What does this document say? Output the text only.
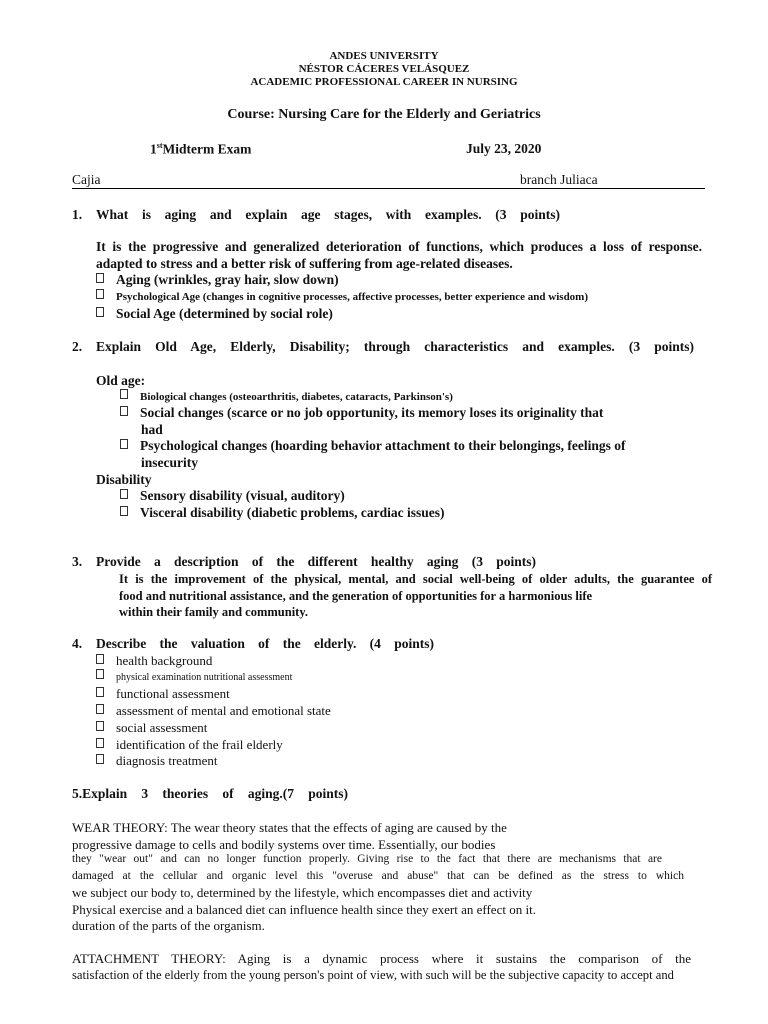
ANDES UNIVERSITY
NÉSTOR CÁCERES VELÁSQUEZ
ACADEMIC PROFESSIONAL CAREER IN NURSING
Course: Nursing Care for the Elderly and Geriatrics
1stMidterm Exam	July 23, 2020
Cajia	branch Juliaca
1. What is aging and explain age stages, with examples. (3 points)
It is the progressive and generalized deterioration of functions, which produces a loss of response.
adapted to stress and a better risk of suffering from age-related diseases.
Aging (wrinkles, gray hair, slow down)
Psychological Age (changes in cognitive processes, affective processes, better experience and wisdom)
Social Age (determined by social role)
2. Explain Old Age, Elderly, Disability; through characteristics and examples. (3 points)
Old age:
Biological changes (osteoarthritis, diabetes, cataracts, Parkinson's)
Social changes (scarce or no job opportunity, its memory loses its originality that
had
Psychological changes (hoarding behavior attachment to their belongings, feelings of
insecurity
Disability
Sensory disability (visual, auditory)
Visceral disability (diabetic problems, cardiac issues)
3. Provide a description of the different healthy aging (3 points)
It is the improvement of the physical, mental, and social well-being of older adults, the guarantee of
food and nutritional assistance, and the generation of opportunities for a harmonious life
within their family and community.
4. Describe the valuation of the elderly. (4 points)
health background
physical examination nutritional assessment
functional assessment
assessment of mental and emotional state
social assessment
identification of the frail elderly
diagnosis treatment
5.Explain 3 theories of aging.(7 points)
WEAR THEORY: The wear theory states that the effects of aging are caused by the
progressive damage to cells and bodily systems over time. Essentially, our bodies
they "wear out" and can no longer function properly. Giving rise to the fact that there are mechanisms that are
damaged at the cellular and organic level this "overuse and abuse" that can be defined as the stress to which
we subject our body to, determined by the lifestyle, which encompasses diet and activity
Physical exercise and a balanced diet can influence health since they exert an effect on it.
duration of the parts of the organism.
ATTACHMENT THEORY: Aging is a dynamic process where it sustains the comparison of the
satisfaction of the elderly from the young person's point of view, with such will be the subjective capacity to accept and
